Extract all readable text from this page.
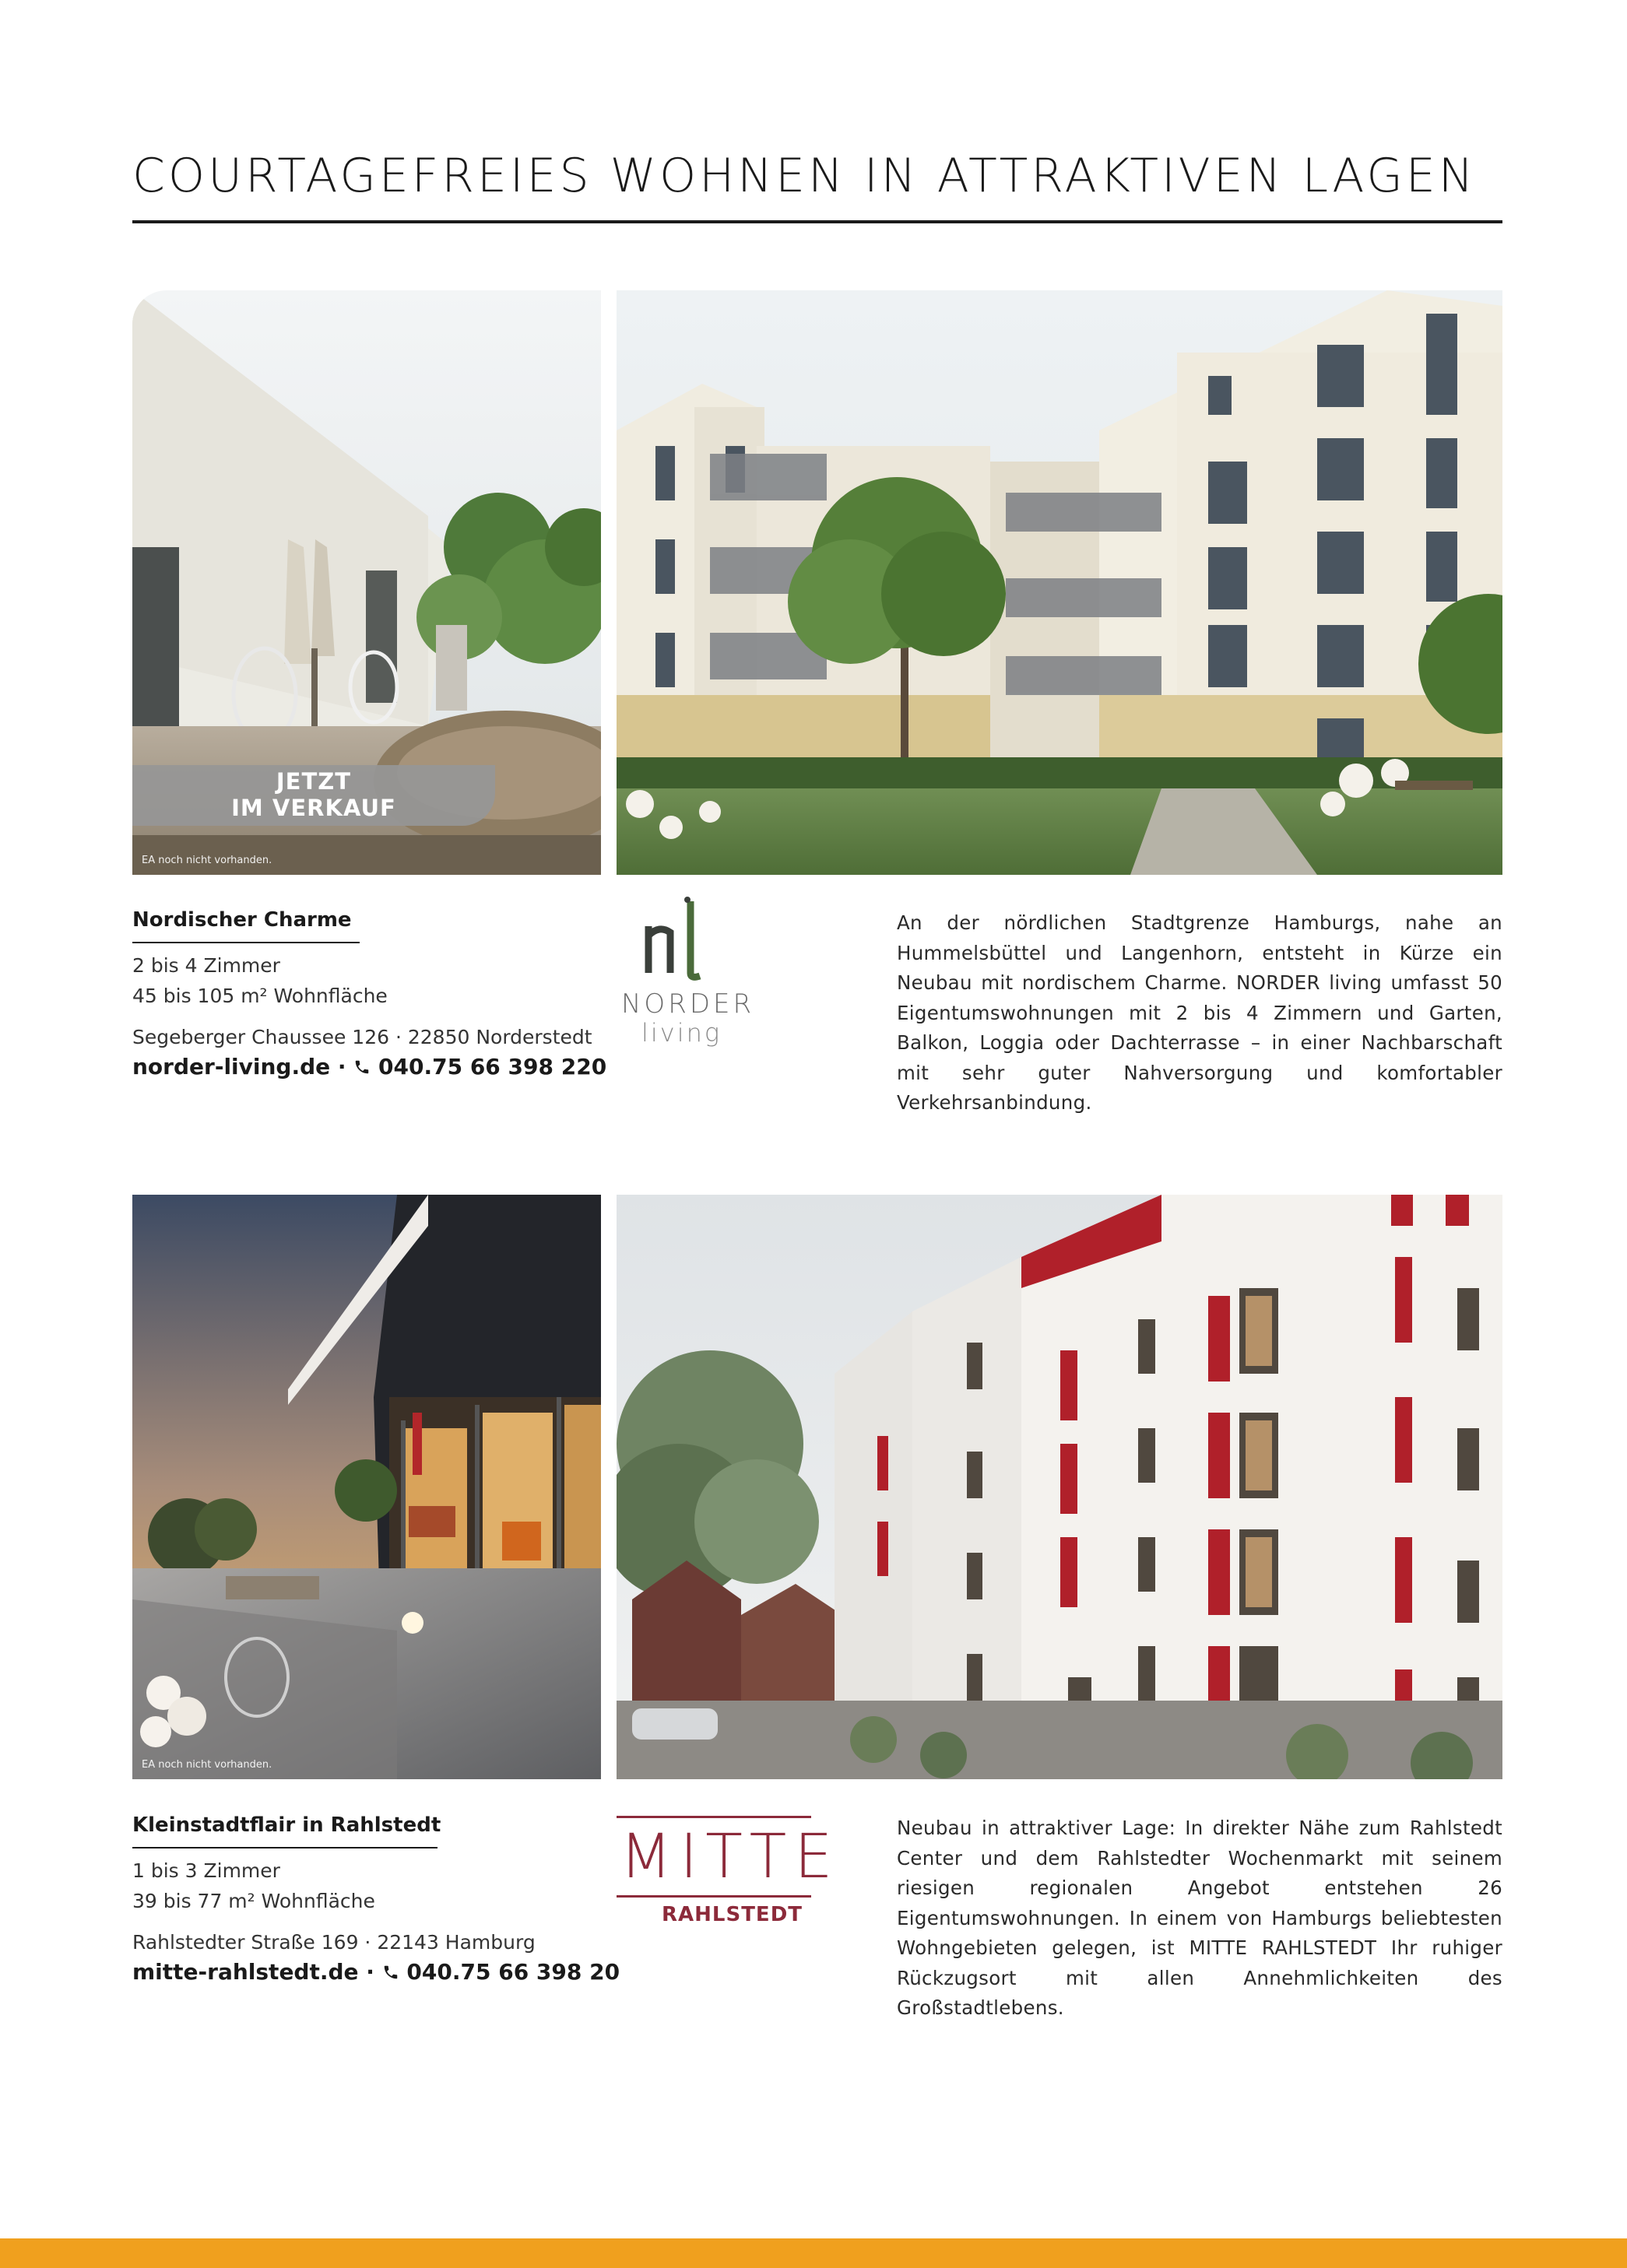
COURTAGEFREIES WOHNEN IN ATTRAKTIVEN LAGEN
JETZT
IM VERKAUF
EA noch nicht vorhanden.
Nordischer Charme
2 bis 4 Zimmer
45 bis 105 m² Wohnfläche
Segeberger Chaussee 126 · 22850 Norderstedt
norder-living.de · 040.75 66 398 220
NORDER
living
An der nördlichen Stadtgrenze Hamburgs, nahe an Hummelsbüttel und Langenhorn, entsteht in Kürze ein Neubau mit nordischem Charme. NORDER living umfasst 50 Eigentumswohnungen mit 2 bis 4 Zimmern und Garten, Balkon, Loggia oder Dachterrasse – in einer Nachbarschaft mit sehr guter Nahversorgung und komfortabler Verkehrsanbindung.
EA noch nicht vorhanden.
Kleinstadtflair in Rahlstedt
1 bis 3 Zimmer
39 bis 77 m² Wohnfläche
Rahlstedter Straße 169 · 22143 Hamburg
mitte-rahlstedt.de · 040.75 66 398 20
MITTE
RAHLSTEDT
Neubau in attraktiver Lage: In direkter Nähe zum Rahlstedt Center und dem Rahlstedter Wochenmarkt mit seinem riesigen regionalen Angebot entstehen 26 Eigentumswohnungen. In einem von Hamburgs beliebtesten Wohngebieten gelegen, ist MITTE RAHLSTEDT Ihr ruhiger Rückzugsort mit allen Annehmlichkeiten des Großstadtlebens.
